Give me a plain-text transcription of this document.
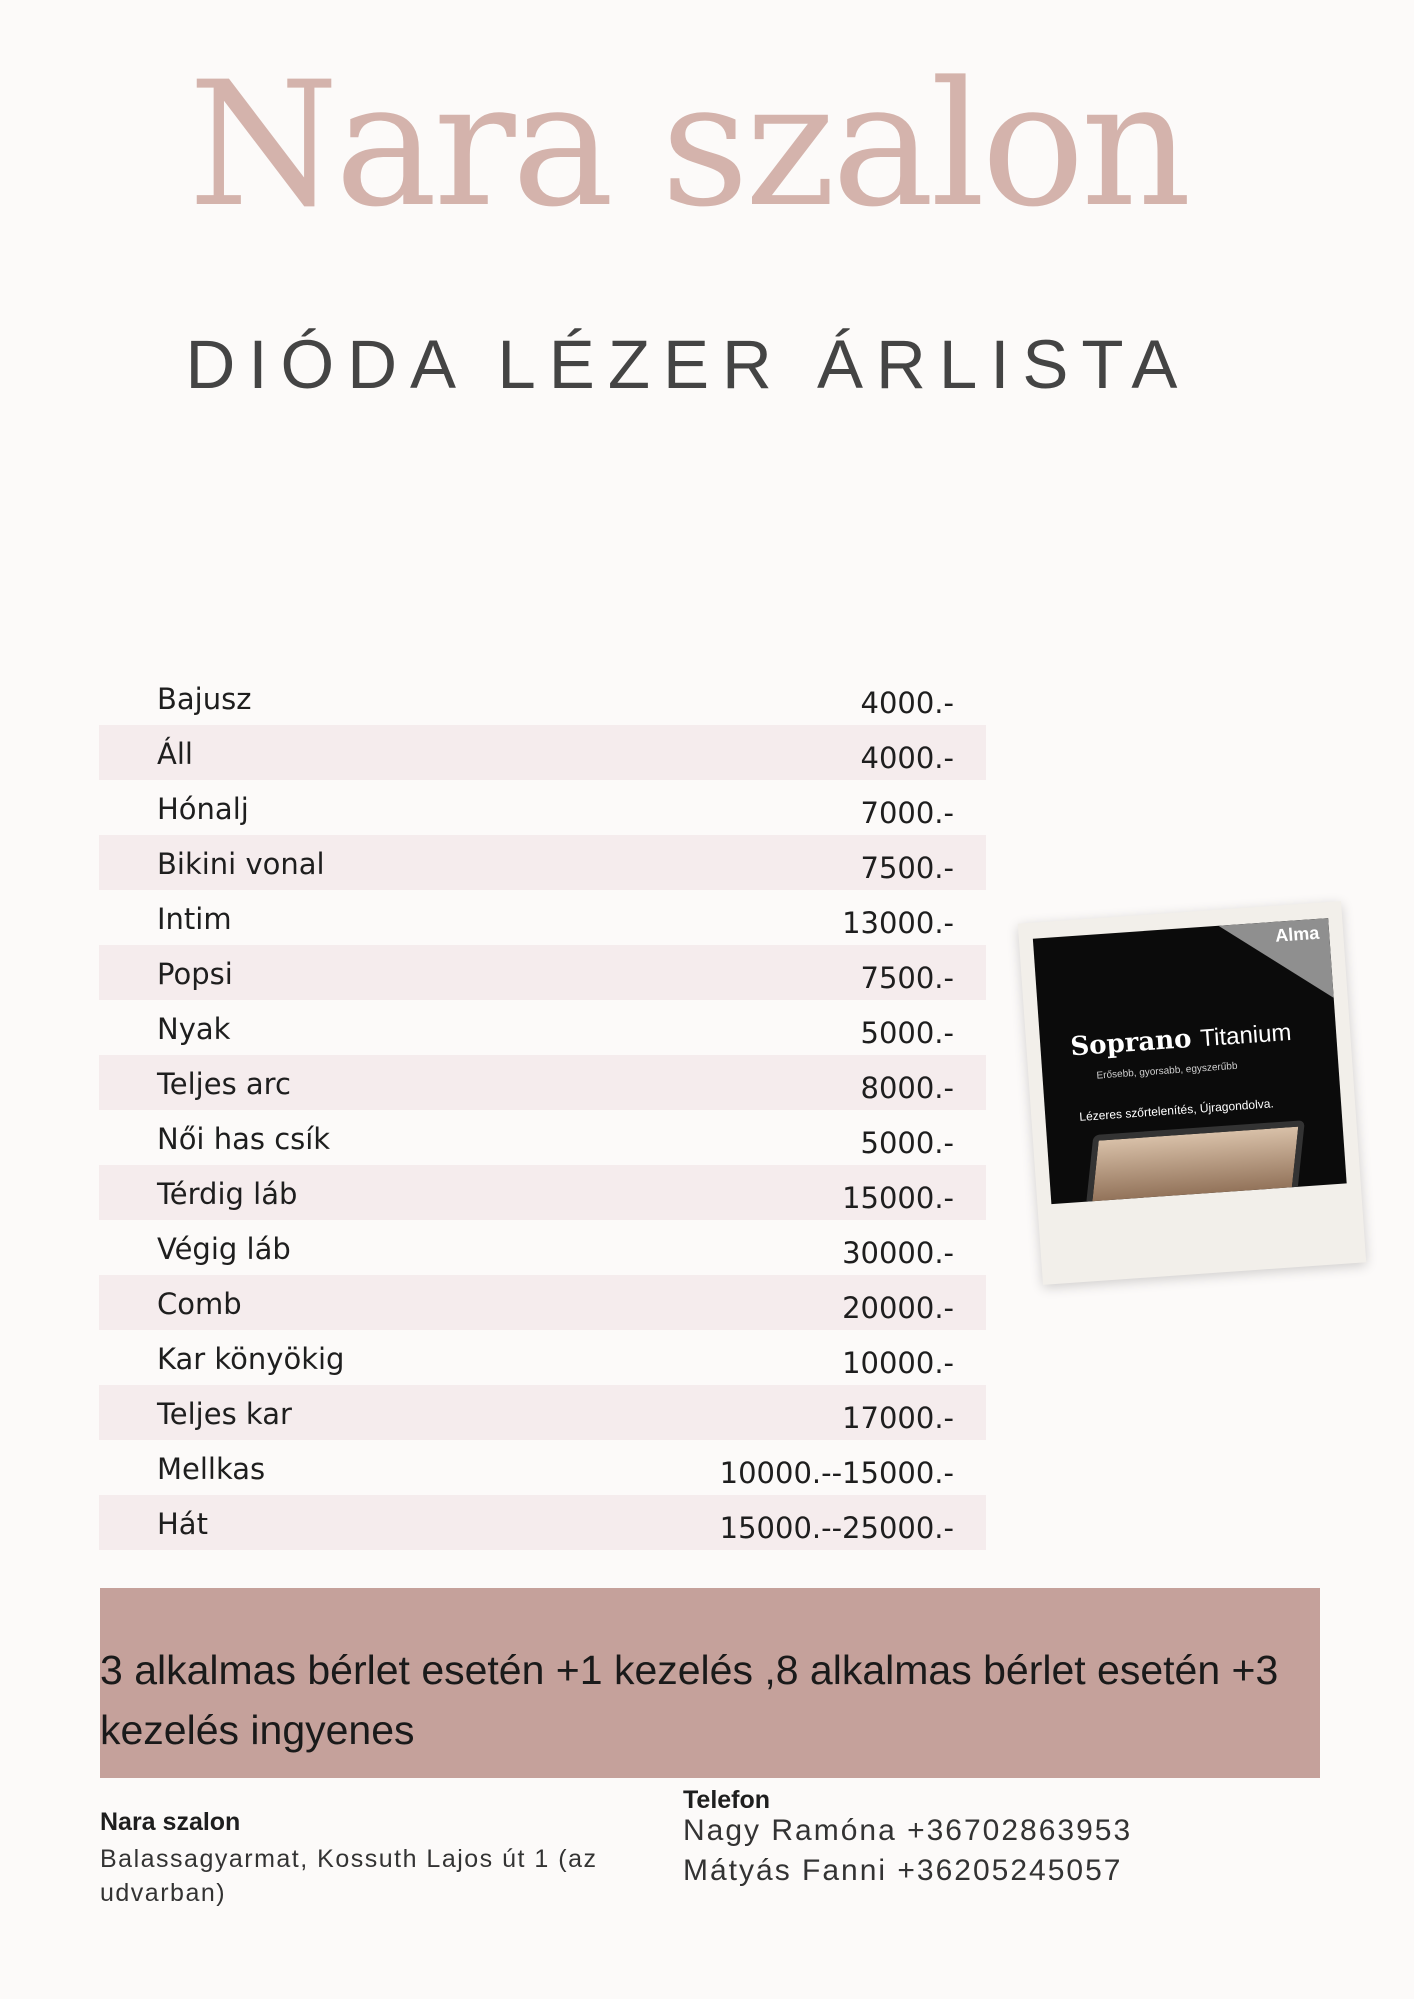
Nara szalon
DIÓDA LÉZER ÁRLISTA
Bajusz	4000.-
Áll	4000.-
Hónalj	7000.-
Bikini vonal	7500.-
Intim	13000.-
Popsi	7500.-
Nyak	5000.-
Teljes arc	8000.-
Női has csík	5000.-
Térdig láb	15000.-
Végig láb	30000.-
Comb	20000.-
Kar könyökig	10000.-
Teljes kar	17000.-
Mellkas	10000.--15000.-
Hát	15000.--25000.-
Alma
Soprano Titanium
Erősebb, gyorsabb, egyszerűbb
Lézeres szőrtelenítés, Újragondolva.
3 alkalmas bérlet esetén +1 kezelés ,8 alkalmas bérlet esetén +3 kezelés ingyenes
Nara szalon
Balassagyarmat, Kossuth Lajos út 1 (az udvarban)
Telefon
Nagy Ramóna +36702863953
Mátyás Fanni +36205245057
